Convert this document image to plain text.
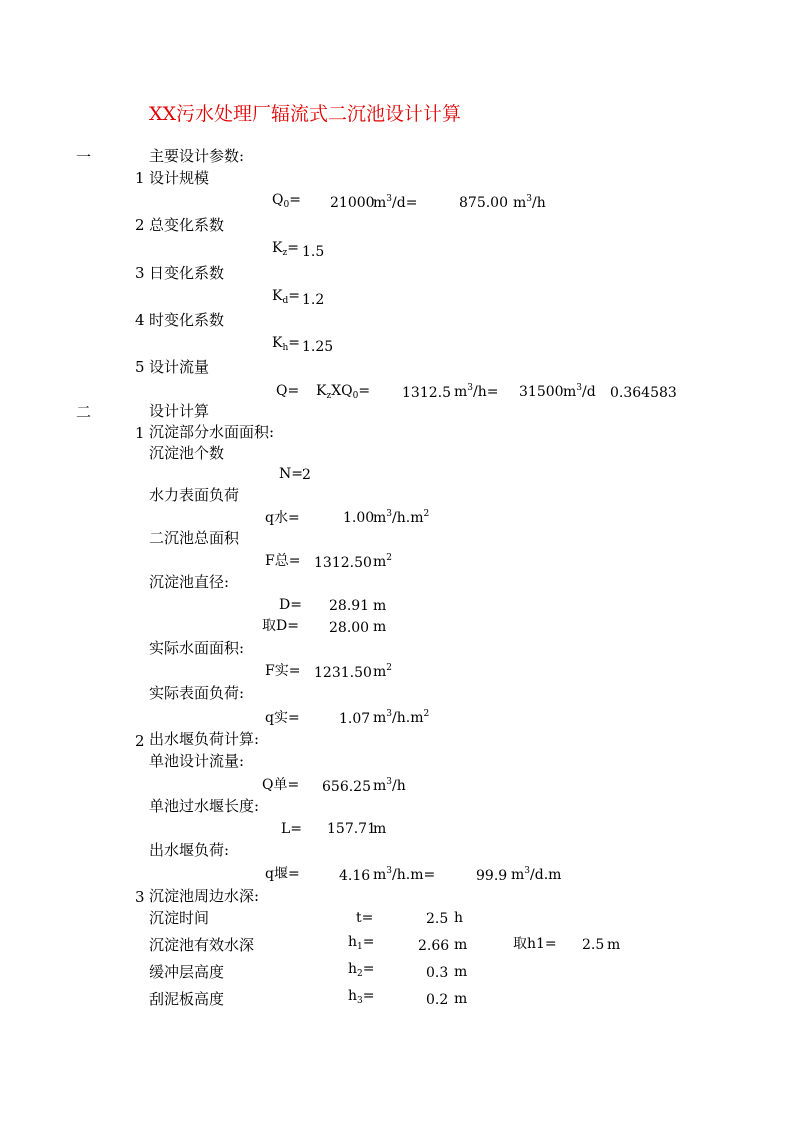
XX污水处理厂辐流式二沉池设计计算
一	主要设计参数:
1 设计规模
$Q_0= 21000$
$m^3/d=$	875.00 $m^3/h$
2 总变化系数
$K_z= 1.5$
3 日变化系数
$K_d= 1.2$
4 时变化系数
$K_h= 1.25$
5 设计流量
$Q= K_zXQ_0= 1312.5$ $m^3/h= 31500$ $m^3/d$ 0.364583
二	设计计算
1 沉淀部分水面面积:
沉淀池个数
N= 2
水力表面负荷
q水=	1.00
$m^3/h.m^2$
二沉池总面积
F总= 1312.50 $m^2$
沉淀池直径:
D= 28.91 m
取D= 28.00 m
实际水面面积:
F实= 1231.50 $m^2$
实际表面负荷:
q实=	1.07 $m^3/h.m^2$
2 出水堰负荷计算:
单池设计流量:
Q单= 656.25 $m^3/h$
单池过水堰长度:
L= 157.71
m
出水堰负荷:
q堰=	4.16 $m^3/h.m=$	99.9 $m^3/d.m$
3 沉淀池周边水深:
沉淀时间	t=	2.5 h
沉淀池有效水深	$h_1=$	2.66 m	取h1= 2.5 m
缓冲层高度	$h_2=$	0.3 m
刮泥板高度	$h_3=$	0.2 m
